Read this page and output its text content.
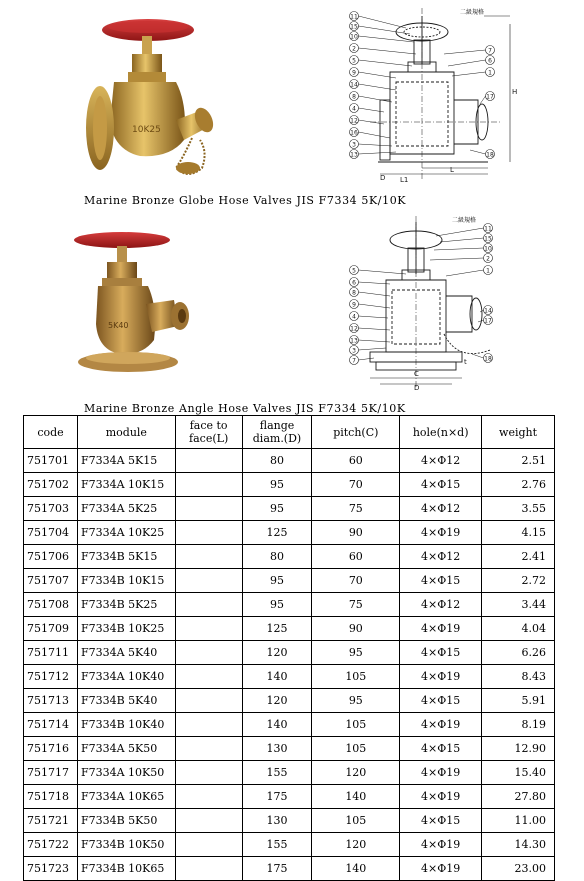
10K25
11
15
10
2
5
9
14
8
4
12
16
3
13
7
6
1
17
18
L1
L
D
H
二級規格
Marine Bronze Globe Hose Valves JIS F7334 5K/10K
5K40
11
15
10
2
5
6
8
9
4
12
13
3
7
1
14
17
18
D
C
t
二級規格
Marine Bronze Angle Hose Valves JIS F7334 5K/10K
code	module	face to face(L)	flange diam.(D)	pitch(C)	hole(n×d)	weight
751701	F7334A 5K15		80	60	4×Φ12	2.51
751702	F7334A 10K15		95	70	4×Φ15	2.76
751703	F7334A 5K25		95	75	4×Φ12	3.55
751704	F7334A 10K25		125	90	4×Φ19	4.15
751706	F7334B 5K15		80	60	4×Φ12	2.41
751707	F7334B 10K15		95	70	4×Φ15	2.72
751708	F7334B 5K25		95	75	4×Φ12	3.44
751709	F7334B 10K25		125	90	4×Φ19	4.04
751711	F7334A 5K40		120	95	4×Φ15	6.26
751712	F7334A 10K40		140	105	4×Φ19	8.43
751713	F7334B 5K40		120	95	4×Φ15	5.91
751714	F7334B 10K40		140	105	4×Φ19	8.19
751716	F7334A 5K50		130	105	4×Φ15	12.90
751717	F7334A 10K50		155	120	4×Φ19	15.40
751718	F7334A 10K65		175	140	4×Φ19	27.80
751721	F7334B 5K50		130	105	4×Φ15	11.00
751722	F7334B 10K50		155	120	4×Φ19	14.30
751723	F7334B 10K65		175	140	4×Φ19	23.00
